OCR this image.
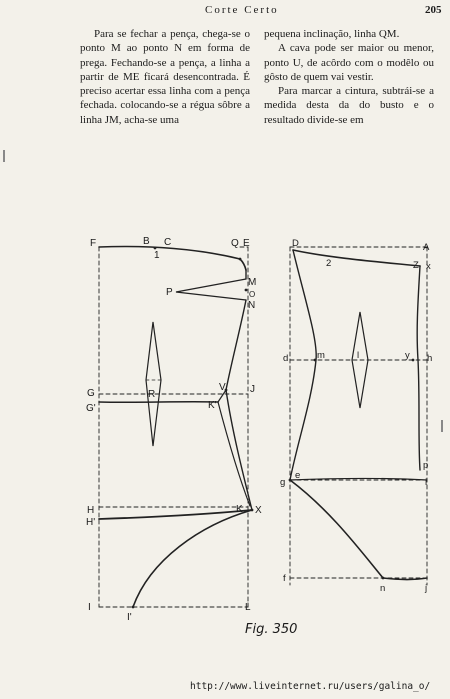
Corte Certo	205

Para se fechar a pença, chega-se o ponto M ao ponto N em forma de prega. Fechando-se a pença, a linha a partir de ME ficará desencontrada. É preciso acertar essa linha com a pença fechada. colocando-se a régua sôbre a linha JM, acha-se uma

pequena inclinação, linha QM.

A cava pode ser maior ou menor, ponto U, de acôrdo com o modêlo ou gôsto de quem vai vestir.

Para marcar a cintura, subtrái-se a medida desta da do busto e o resultado divide-se em

F	B
1
C	Q E
M
O
P
N
G
G'
R
V J
K'
H
H'
K X
I
I'
L
D	A
2	Z x
d	m	l	y h
p
g
e
i
f
n	j
Fig. 350
http://www.liveinternet.ru/users/galina_o/
